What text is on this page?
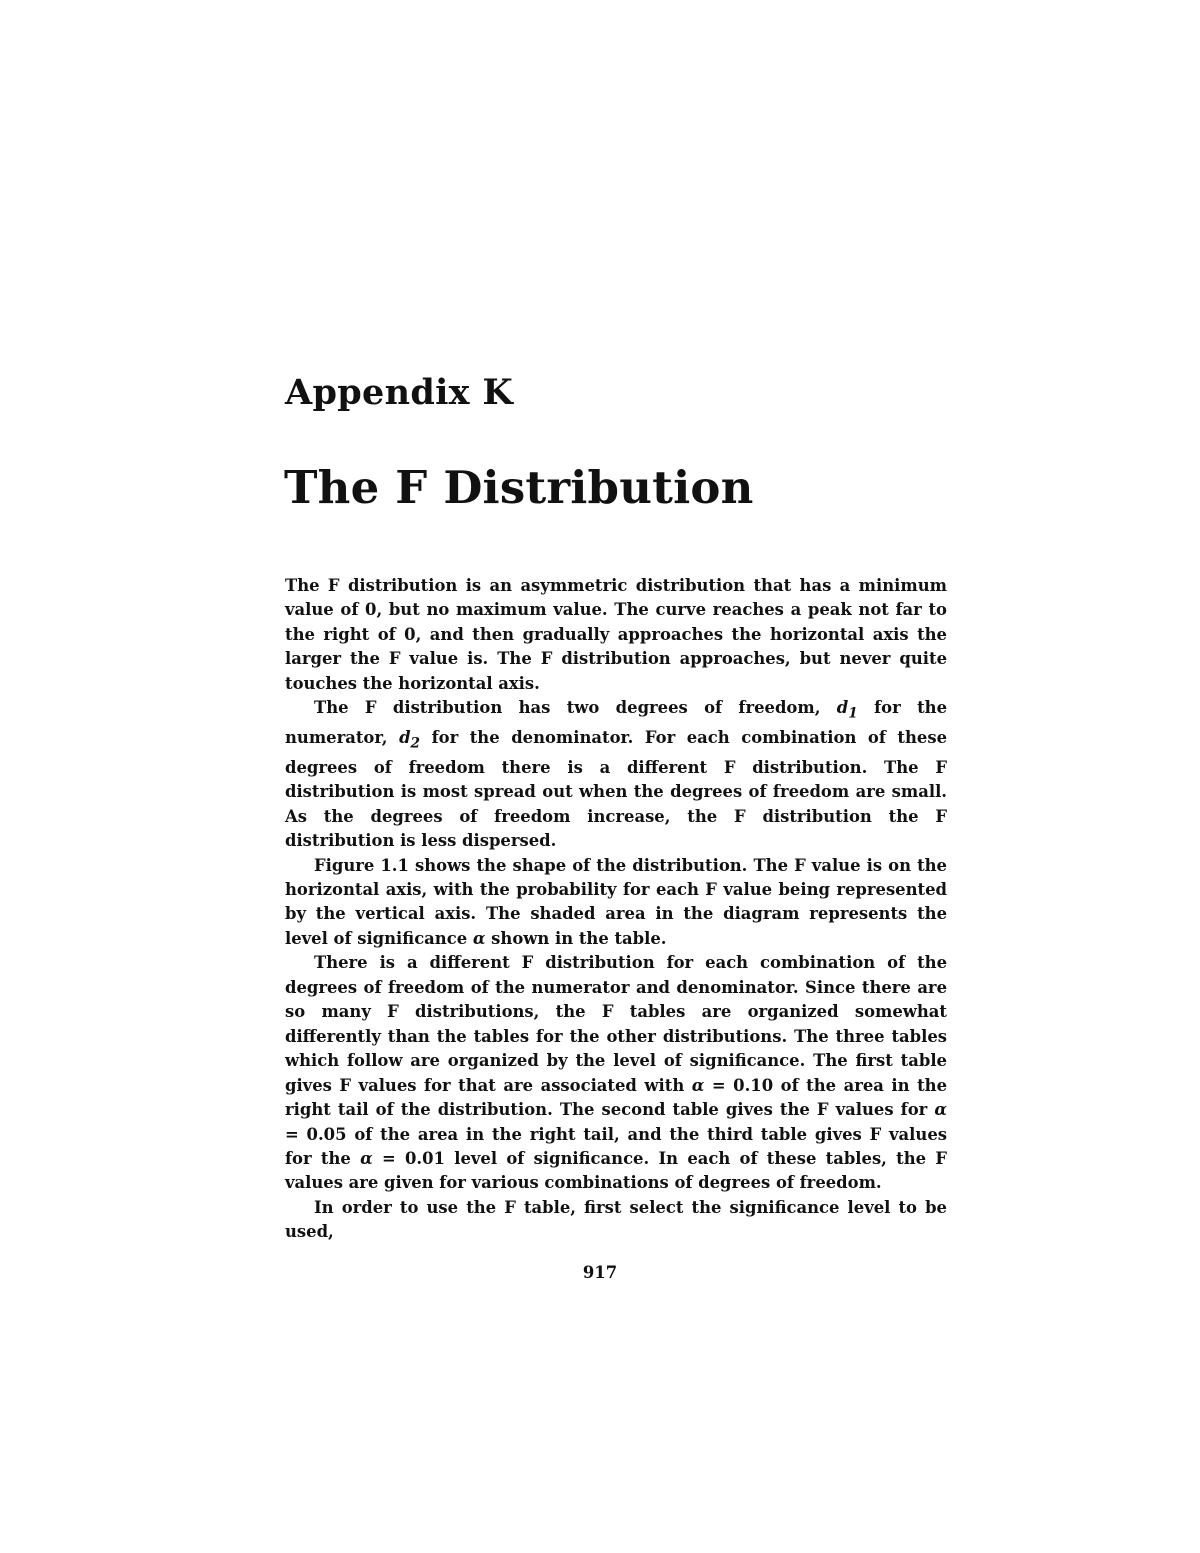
Appendix K
The F Distribution

The F distribution is an asymmetric distribution that has a minimum value of 0, but no maximum value. The curve reaches a peak not far to the right of 0, and then gradually approaches the horizontal axis the larger the F value is. The F distribution approaches, but never quite touches the horizontal axis.

The F distribution has two degrees of freedom, $d_1$ for the numerator, $d_2$ for the denominator. For each combination of these degrees of freedom there is a different F distribution. The F distribution is most spread out when the degrees of freedom are small. As the degrees of freedom increase, the F distribution the F distribution is less dispersed.

Figure 1.1 shows the shape of the distribution. The F value is on the horizontal axis, with the probability for each F value being represented by the vertical axis. The shaded area in the diagram represents the level of significance α shown in the table.

There is a different F distribution for each combination of the degrees of freedom of the numerator and denominator. Since there are so many F distributions, the F tables are organized somewhat differently than the tables for the other distributions. The three tables which follow are organized by the level of significance. The first table gives F values for that are associated with α = 0.10 of the area in the right tail of the distribution. The second table gives the F values for α = 0.05 of the area in the right tail, and the third table gives F values for the α = 0.01 level of significance. In each of these tables, the F values are given for various combinations of degrees of freedom.

In order to use the F table, first select the significance level to be used,

917
